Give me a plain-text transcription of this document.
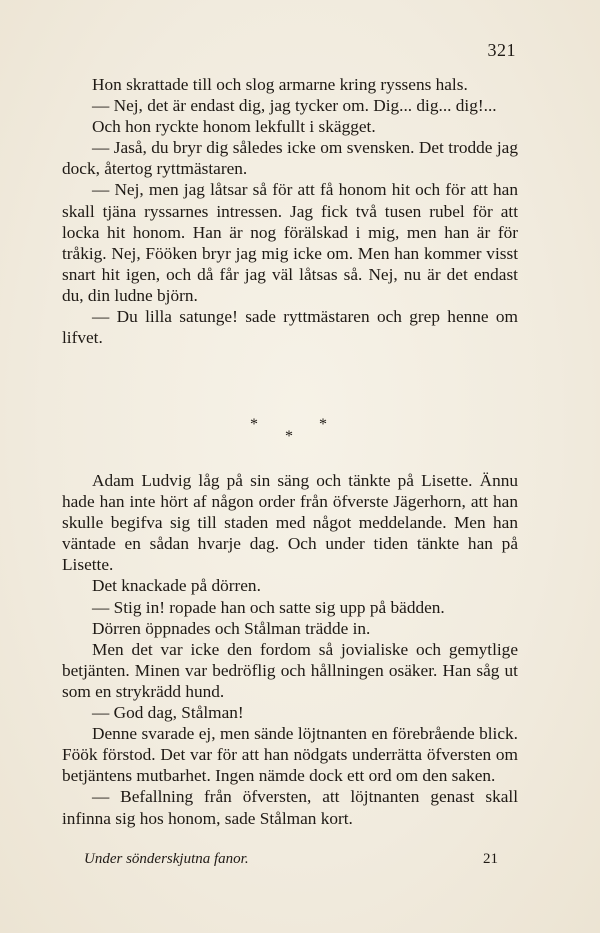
321

Hon skrattade till och slog armarne kring ryssens hals.

— Nej, det är endast dig, jag tycker om. Dig... dig... dig!...

Och hon ryckte honom lekfullt i skägget.

— Jaså, du bryr dig således icke om svensken. Det trodde jag dock, återtog ryttmästaren.

— Nej, men jag låtsar så för att få honom hit och för att han skall tjäna ryssarnes intressen. Jag fick två tusen rubel för att locka hit honom. Han är nog förälskad i mig, men han är för tråkig. Nej, Fööken bryr jag mig icke om. Men han kommer visst snart hit igen, och då får jag väl låtsas så. Nej, nu är det endast du, din ludne björn.

— Du lilla satunge! sade ryttmästaren och grep henne om lifvet.

*	*
*

Adam Ludvig låg på sin säng och tänkte på Lisette. Ännu hade han inte hört af någon order från öfverste Jägerhorn, att han skulle begifva sig till staden med något meddelande. Men han väntade en sådan hvarje dag. Och under tiden tänkte han på Lisette.

Det knackade på dörren.

— Stig in! ropade han och satte sig upp på bädden.

Dörren öppnades och Stålman trädde in.

Men det var icke den fordom så jovialiske och gemytlige betjänten. Minen var bedröflig och hållningen osäker. Han såg ut som en strykrädd hund.

— God dag, Stålman!

Denne svarade ej, men sände löjtnanten en förebrående blick. Föök förstod. Det var för att han nödgats underrätta öfversten om betjäntens mutbarhet. Ingen nämde dock ett ord om den saken.

— Befallning från öfversten, att löjtnanten genast skall infinna sig hos honom, sade Stålman kort.

Under sönderskjutna fanor.	21
